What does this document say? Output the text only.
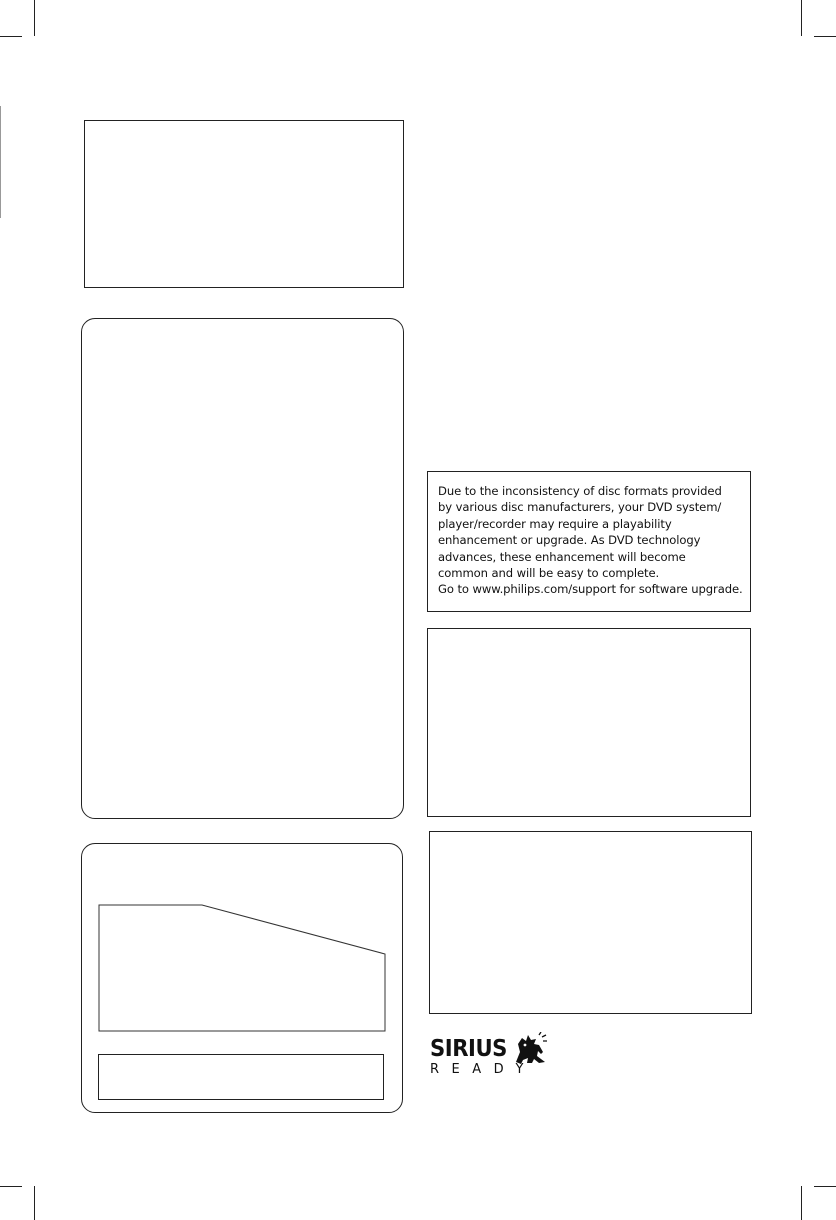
Due to the inconsistency of disc formats provided
by various disc manufacturers, your DVD system/
player/recorder may require a playability
enhancement or upgrade. As DVD technology
advances, these enhancement will become
common and will be easy to complete.
Go to www.philips.com/support for software upgrade.
SIRIUS
READY
